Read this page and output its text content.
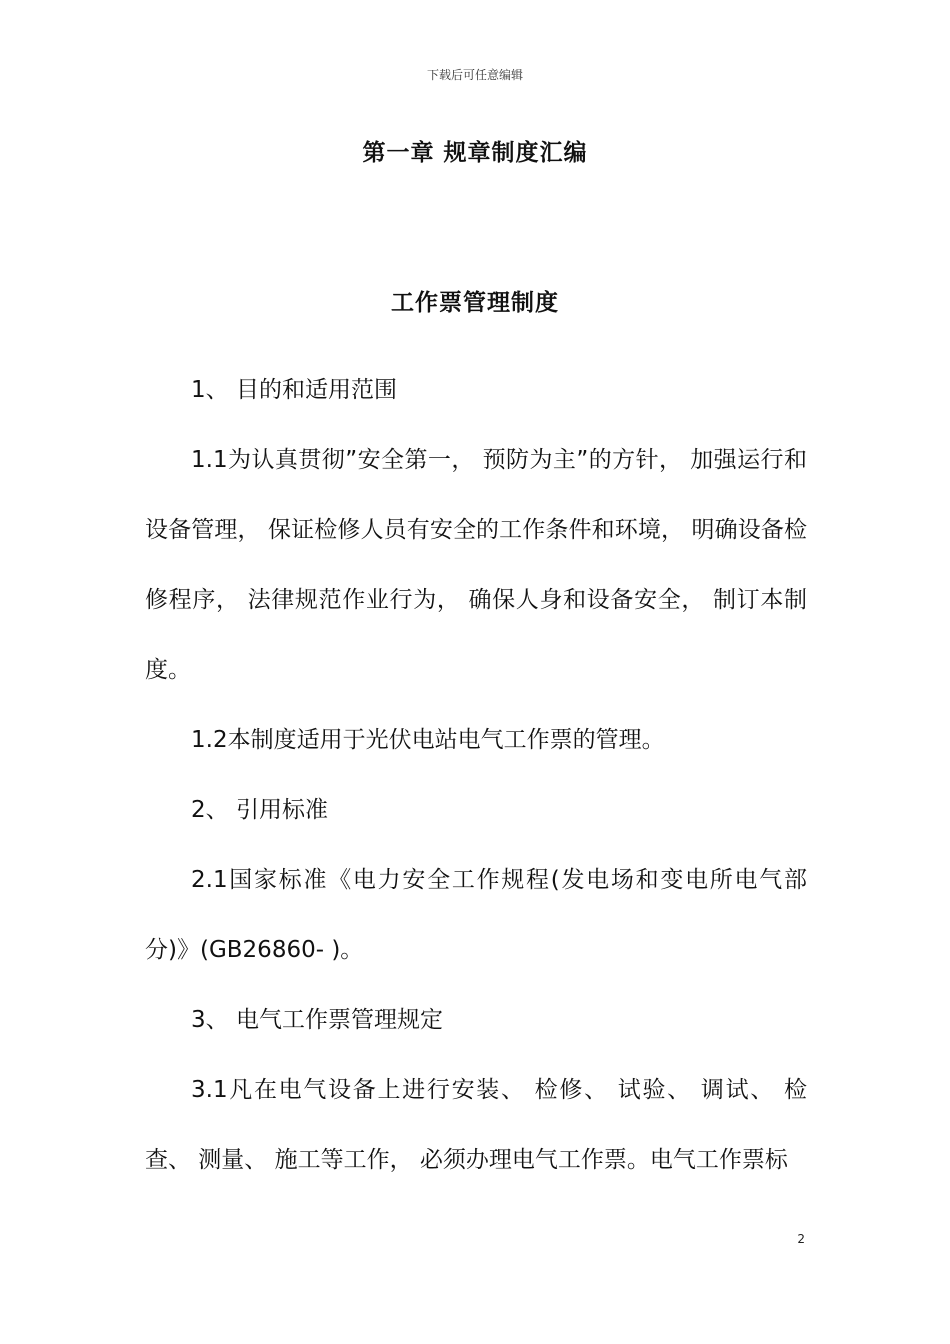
下载后可任意编辑
第一章 规章制度汇编
工作票管理制度

1、 目的和适用范围

1.1为认真贯彻”安全第一， 预防为主”的方针， 加强运行和设备管理， 保证检修人员有安全的工作条件和环境， 明确设备检修程序， 法律规范作业行为， 确保人身和设备安全， 制订本制度。

1.2本制度适用于光伏电站电气工作票的管理。

2、 引用标准

2.1国家标准《电力安全工作规程(发电场和变电所电气部分)》(GB26860- )。

3、 电气工作票管理规定

3.1凡在电气设备上进行安装、 检修、 试验、 调试、 检查、 测量、 施工等工作， 必须办理电气工作票。电气工作票标

2
